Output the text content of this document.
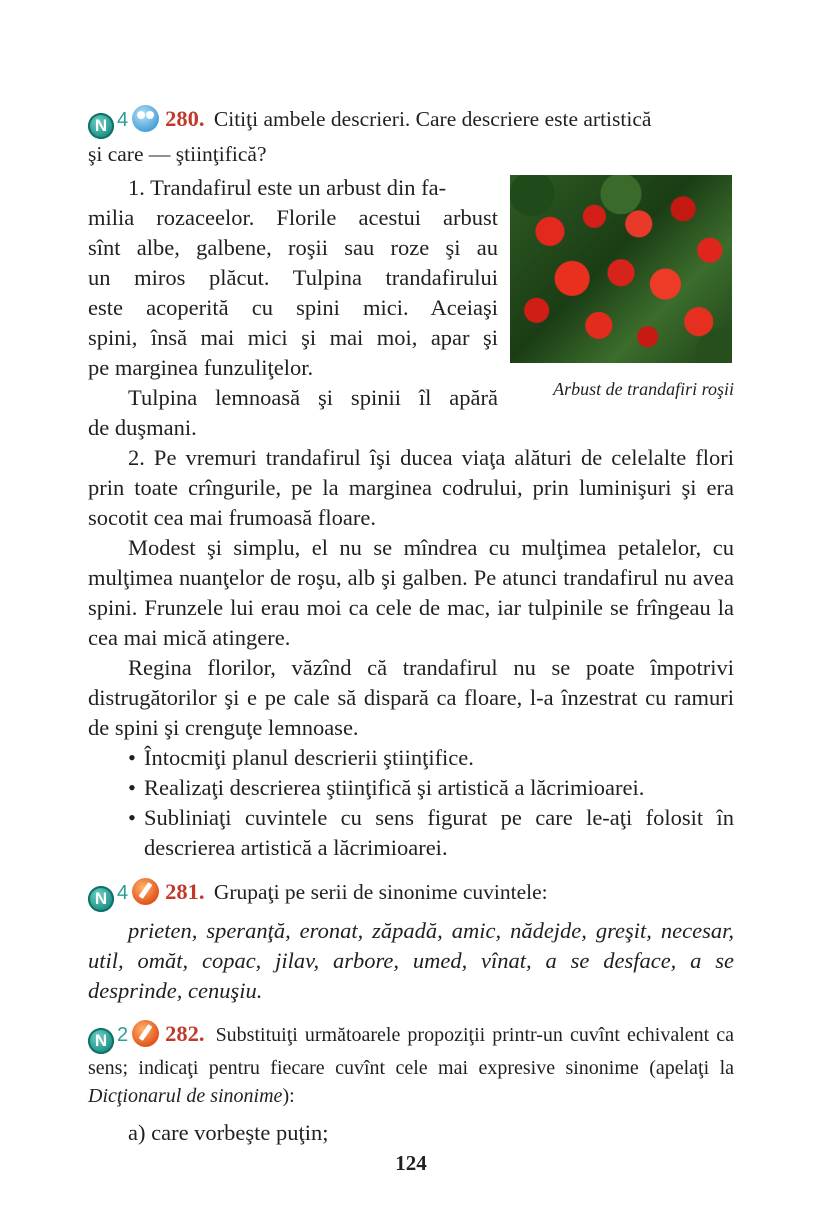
N 4 280. Citiţi ambele descrieri. Care descriere este artistică
şi care — ştiinţifică?
Arbust de trandafiri roşii

1. Trandafirul este un arbust din fa-

milia rozaceelor. Florile acestui arbust

sînt albe, galbene, roşii sau roze şi au

un miros plăcut. Tulpina trandafirului

este acoperită cu spini mici. Aceiaşi

spini, însă mai mici şi mai moi, apar şi

pe marginea funzuliţelor.

Tulpina lemnoasă şi spinii îl apără

de duşmani.

2. Pe vremuri trandafirul îşi ducea viaţa alături de celelalte flori prin toate crîngurile, pe la marginea codrului, prin luminişuri şi era socotit cea mai frumoasă floare.

Modest şi simplu, el nu se mîndrea cu mulţimea petalelor, cu mulţimea nuanţelor de roşu, alb şi galben. Pe atunci trandafirul nu avea spini. Frunzele lui erau moi ca cele de mac, iar tulpinile se frîngeau la cea mai mică atingere.

Regina florilor, văzînd că trandafirul nu se poate împotrivi distrugătorilor şi e pe cale să dispară ca floare, l-a înzestrat cu ramuri de spini şi crenguţe lemnoase.

• Întocmiţi planul descrierii ştiinţifice.
• Realizaţi descrierea ştiinţifică şi artistică a lăcrimioarei.
• Subliniaţi cuvintele cu sens figurat pe care le-aţi folosit în descrierea artistică a lăcrimioarei.
N 4 281. Grupaţi pe serii de sinonime cuvintele:

prieten, speranţă, eronat, zăpadă, amic, nădejde, greşit, necesar, util, omăt, copac, jilav, arbore, umed, vînat, a se desface, a se desprinde, cenuşiu.

N 2 282. Substituiţi următoarele propoziţii printr-un cuvînt echivalent ca sens; indicaţi pentru fiecare cuvînt cele mai expresive sinonime (apelaţi la Dicţionarul de sinonime):

a) care vorbeşte puţin;

124
